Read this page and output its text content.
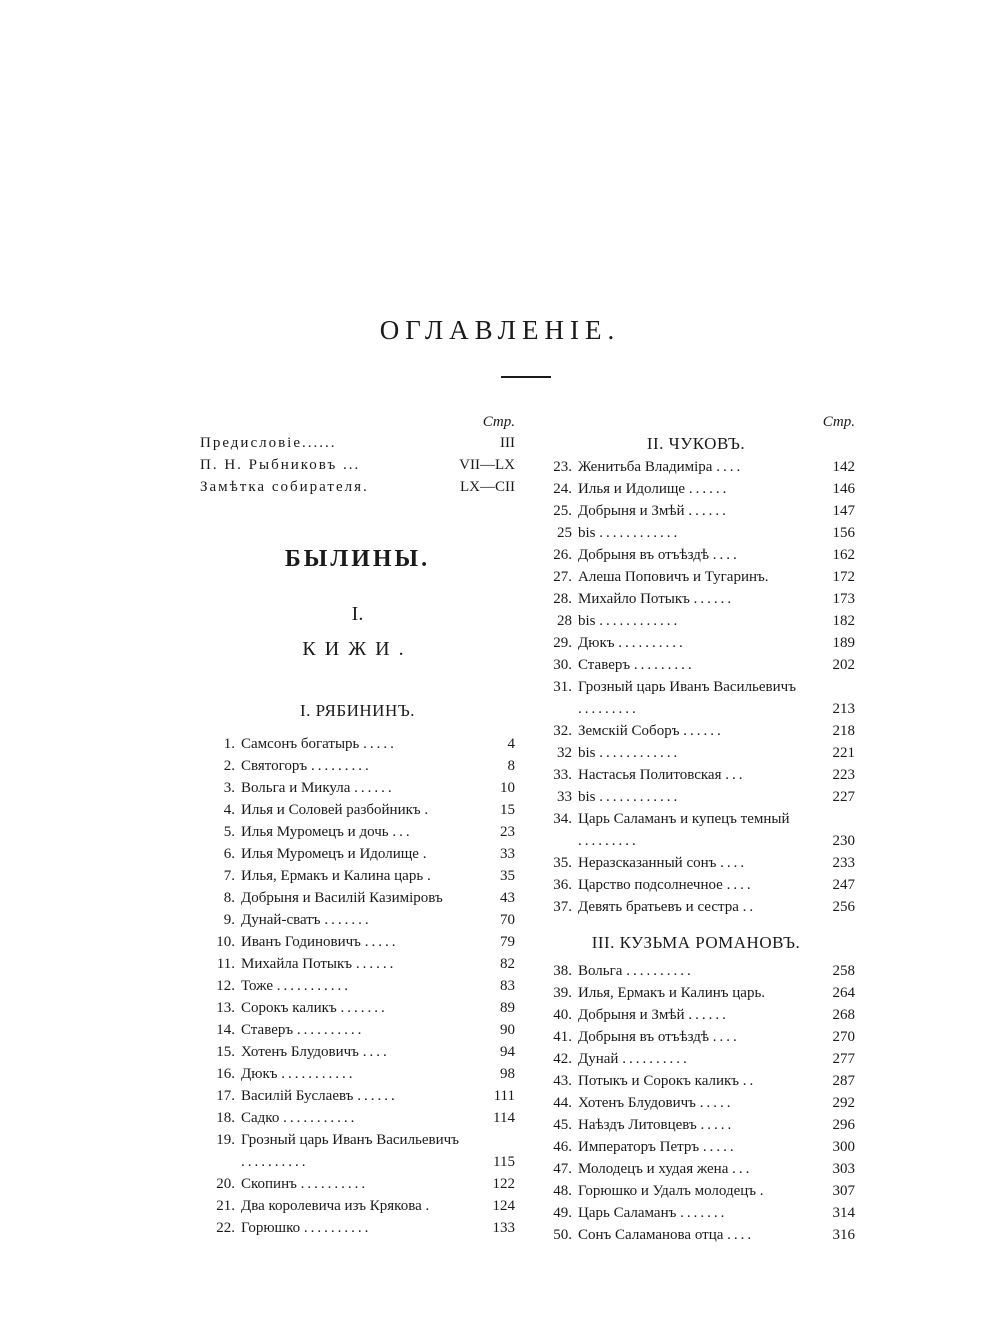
ОГЛАВЛЕНІЕ.
Стр.
Предисловіе......	III
П. Н. Рыбниковъ ...	VII—LX
Замѣтка собирателя.	LX—CII
БЫЛИНЫ.
I.
КИЖИ.
I. РЯБИНИНЪ.
1. Самсонъ богатырь .....	4
2. Святогоръ .........	8
3. Вольга и Микула ......	10
4. Илья и Соловей разбойникъ .	15
5. Илья Муромецъ и дочь ...	23
6. Илья Муромецъ и Идолище .	33
7. Илья, Ермакъ и Калина царь .	35
8. Добрыня и Василій Казиміровъ	43
9. Дунай-сватъ .......	70
10. Иванъ Годиновичъ .....	79
11. Михайла Потыкъ ......	82
12. Тоже ...........	83
13. Сорокъ каликъ .......	89
14. Ставеръ ..........	90
15. Хотенъ Блудовичъ ....	94
16. Дюкъ ...........	98
17. Василій Буслаевъ ......	111
18. Садко ...........	114
19. Грозный царь Иванъ Васильевичъ ..........	115
20. Скопинъ ..........	122
21. Два королевича изъ Крякова .	124
22. Горюшко ..........	133
Стр.
II. ЧУКОВЪ.
23. Женитьба Владиміра ....	142
24. Илья и Идолище ......	146
25. Добрыня и Змѣй ......	147
25 bis ............	156
26. Добрыня въ отъѣздѣ ....	162
27. Алеша Поповичъ и Тугаринъ.	172
28. Михайло Потыкъ ......	173
28 bis ............	182
29. Дюкъ ..........	189
30. Ставеръ .........	202
31. Грозный царь Иванъ Васильевичъ .........	213
32. Земскій Соборъ ......	218
32 bis ............	221
33. Настасья Политовская ...	223
33 bis ............	227
34. Царь Саламанъ и купецъ темный .........	230
35. Неразсказанный сонъ ....	233
36. Царство подсолнечное ....	247
37. Девять братьевъ и сестра ..	256
III. КУЗЬМА РОМАНОВЪ.
38. Вольга ..........	258
39. Илья, Ермакъ и Калинъ царь.	264
40. Добрыня и Змѣй ......	268
41. Добрыня въ отъѣздѣ ....	270
42. Дунай ..........	277
43. Потыкъ и Сорокъ каликъ ..	287
44. Хотенъ Блудовичъ .....	292
45. Наѣздъ Литовцевъ .....	296
46. Императоръ Петръ .....	300
47. Молодецъ и худая жена ...	303
48. Горюшко и Удалъ молодецъ .	307
49. Царь Саламанъ .......	314
50. Сонъ Саламанова отца ....	316
